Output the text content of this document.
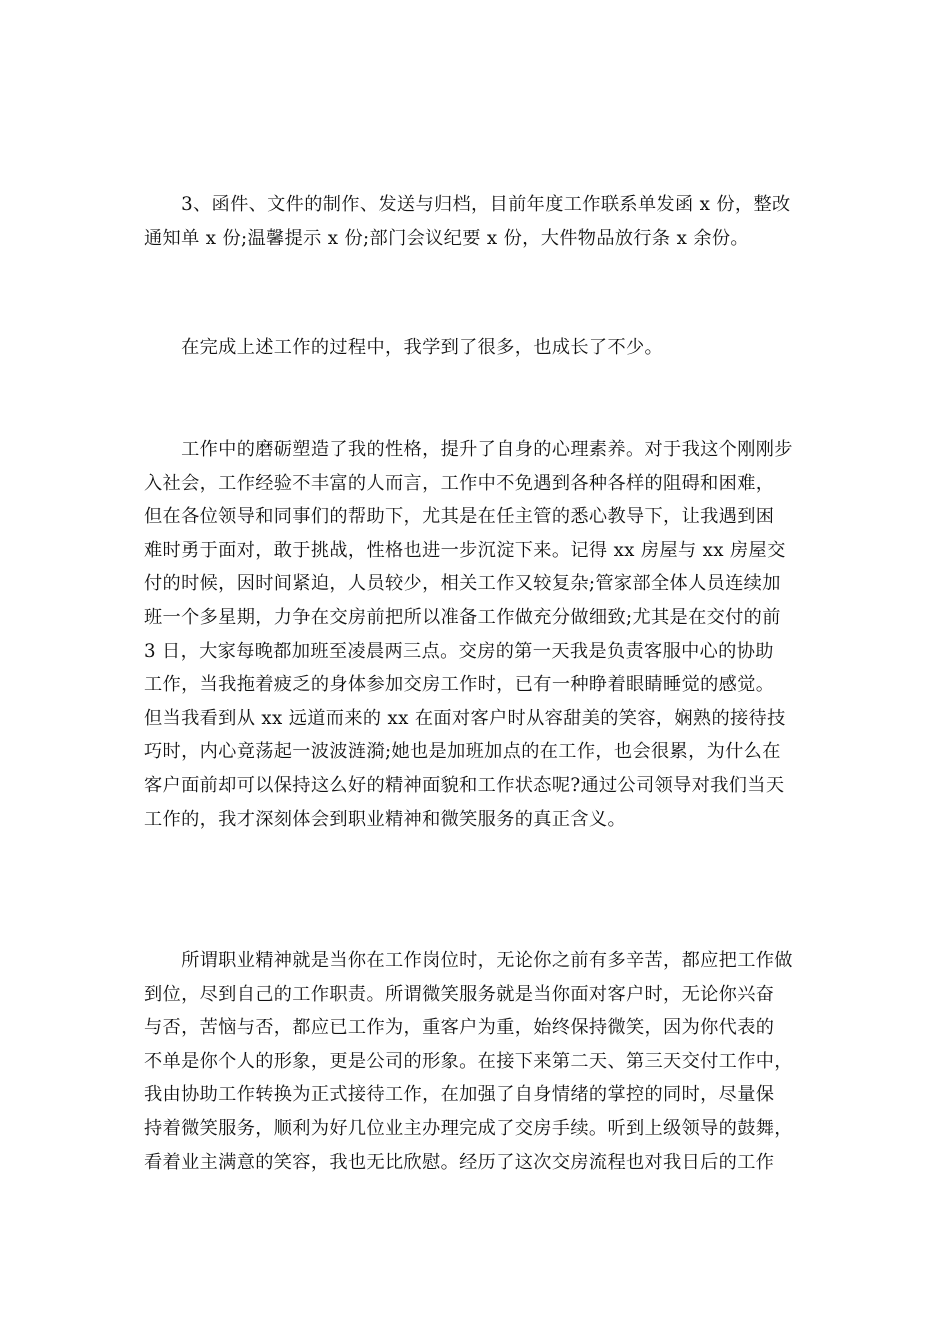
　　3、函件、文件的制作、发送与归档，目前年度工作联系单发函 x 份，整改
通知单 x 份;温馨提示 x 份;部门会议纪要 x 份，大件物品放行条 x 余份。
　　在完成上述工作的过程中，我学到了很多，也成长了不少。
　　工作中的磨砺塑造了我的性格，提升了自身的心理素养。对于我这个刚刚步
入社会，工作经验不丰富的人而言，工作中不免遇到各种各样的阻碍和困难，
但在各位领导和同事们的帮助下，尤其是在任主管的悉心教导下，让我遇到困
难时勇于面对，敢于挑战，性格也进一步沉淀下来。记得 xx 房屋与 xx 房屋交
付的时候，因时间紧迫，人员较少，相关工作又较复杂;管家部全体人员连续加
班一个多星期，力争在交房前把所以准备工作做充分做细致;尤其是在交付的前
3 日，大家每晚都加班至凌晨两三点。交房的第一天我是负责客服中心的协助
工作，当我拖着疲乏的身体参加交房工作时，已有一种睁着眼睛睡觉的感觉。
但当我看到从 xx 远道而来的 xx 在面对客户时从容甜美的笑容，娴熟的接待技
巧时，内心竟荡起一波波涟漪;她也是加班加点的在工作，也会很累，为什么在
客户面前却可以保持这么好的精神面貌和工作状态呢?通过公司领导对我们当天
工作的，我才深刻体会到职业精神和微笑服务的真正含义。
　　所谓职业精神就是当你在工作岗位时，无论你之前有多辛苦，都应把工作做
到位，尽到自己的工作职责。所谓微笑服务就是当你面对客户时，无论你兴奋
与否，苦恼与否，都应已工作为，重客户为重，始终保持微笑，因为你代表的
不单是你个人的形象，更是公司的形象。在接下来第二天、第三天交付工作中，
我由协助工作转换为正式接待工作，在加强了自身情绪的掌控的同时，尽量保
持着微笑服务，顺利为好几位业主办理完成了交房手续。听到上级领导的鼓舞，
看着业主满意的笑容，我也无比欣慰。经历了这次交房流程也对我日后的工作
